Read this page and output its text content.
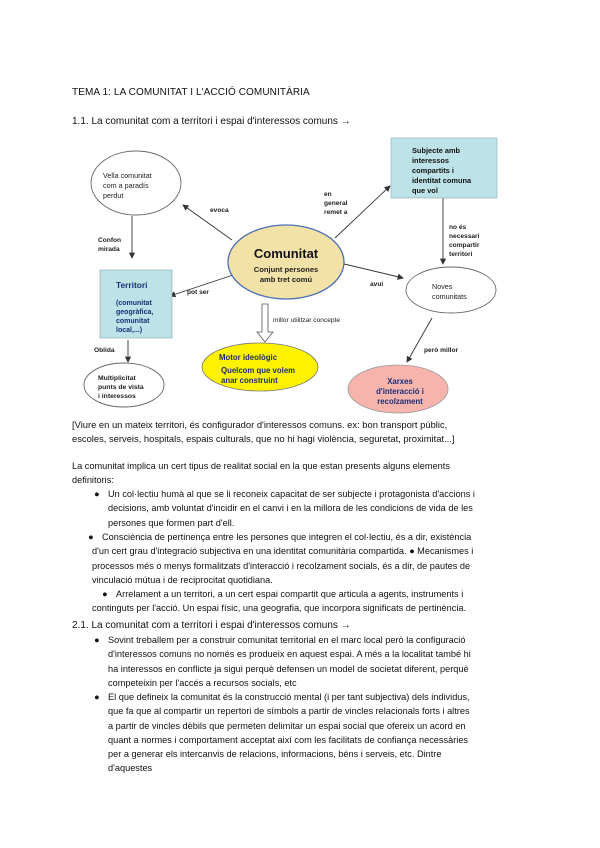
TEMA 1: LA COMUNITAT I L'ACCIÓ COMUNITÀRIA
1.1. La comunitat com a territori i espai d'interessos comuns →
Vella comunitat
com a paradís
perdut
Subjecte amb
interessos
compartits i
identitat comuna
que vol
Comunitat
Conjunt persones
amb tret comú
Territori
(comunitat
geogràfica,
comunitat
local,...)
Noves
comunitats
Motor ideològic
Quelcom que volem
anar construint	Xarxes
d'interacció i
recolzament
Multiplicitat
punts de vista
i interessos
evoca
en
general
remet a
Confon
mirada
pot ser
avui
no és
necessari
compartir
territori
Oblida	però millor
millor utilitzar concepte
[Viure en un mateix territori, és configurador d'interessos comuns. ex: bon transport públic,
escoles, serveis, hospitals, espais culturals, que no hi hagi violència, seguretat, proximitat...]
La comunitat implica un cert tipus de realitat social en la que estan presents alguns elements
definitoris:
● Un col·lectiu humà al que se li reconeix capacitat de ser subjecte i protagonista d'accions i
decisions, amb voluntat d'incidir en el canvi i en la millora de les condicions de vida de les
persones que formen part d'ell.
● Consciència de pertinença entre les persones que integren el col·lectiu, és a dir, existència
d'un cert grau d'integració subjectiva en una identitat comunitària compartida. ● Mecanismes i
processos més o menys formalitzats d'interacció i recolzament socials, és a dir, de pautes de
vinculació mútua i de reciprocitat quotidiana.
● Arrelament a un territori, a un cert espai compartit que articula a agents, instruments i
continguts per l'acció. Un espai físic, una geografia, que incorpora significats de pertinència.
2.1. La comunitat com a territori i espai d'interessos comuns →
● Sovint treballem per a construir comunitat territorial en el marc local però la configuració
d'interessos comuns no només es produeix en aquest espai. A més a la localitat també hi
ha interessos en conflicte ja sigui perquè defensen un model de societat diferent, perquè
competeixin per l'accés a recursos socials, etc
● El que defineix la comunitat és la construcció mental (i per tant subjectiva) dels individus,
que fa que al compartir un repertori de símbols a partir de vincles relacionals forts i altres
a partir de vincles dèbils que permeten delimitar un espai social que ofereix un acord en
quant a normes i comportament acceptat així com les facilitats de confiança necessàries
per a generar els intercanvis de relacions, informacions, béns i serveis, etc. Dintre
d'aquestes
